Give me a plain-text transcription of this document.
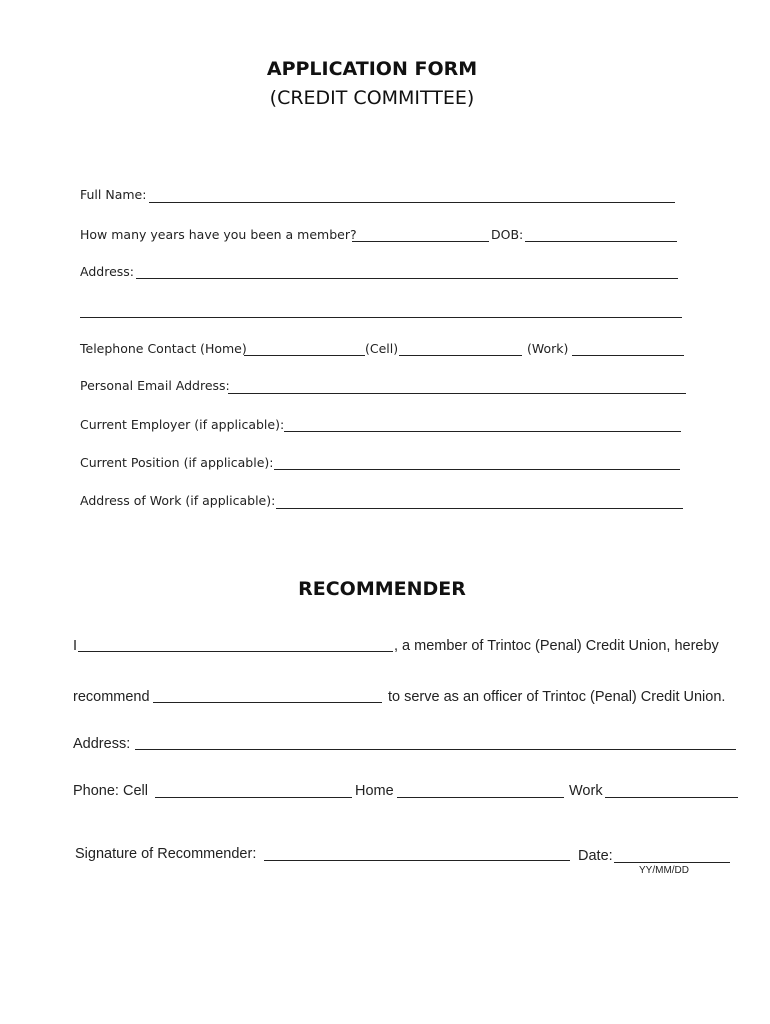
APPLICATION FORM
(CREDIT COMMITTEE)
Full Name:
How many years have you been a member?	DOB:
Address:
Telephone Contact (Home)	(Cell)	(Work)
Personal Email Address:
Current Employer (if applicable):
Current Position (if applicable):
Address of Work (if applicable):
RECOMMENDER
I	, a member of Trintoc (Penal) Credit Union, hereby
recommend	to serve as an officer of Trintoc (Penal) Credit Union.
Address:
Phone: Cell	Home	Work
Signature of Recommender:	Date:
YY/MM/DD
